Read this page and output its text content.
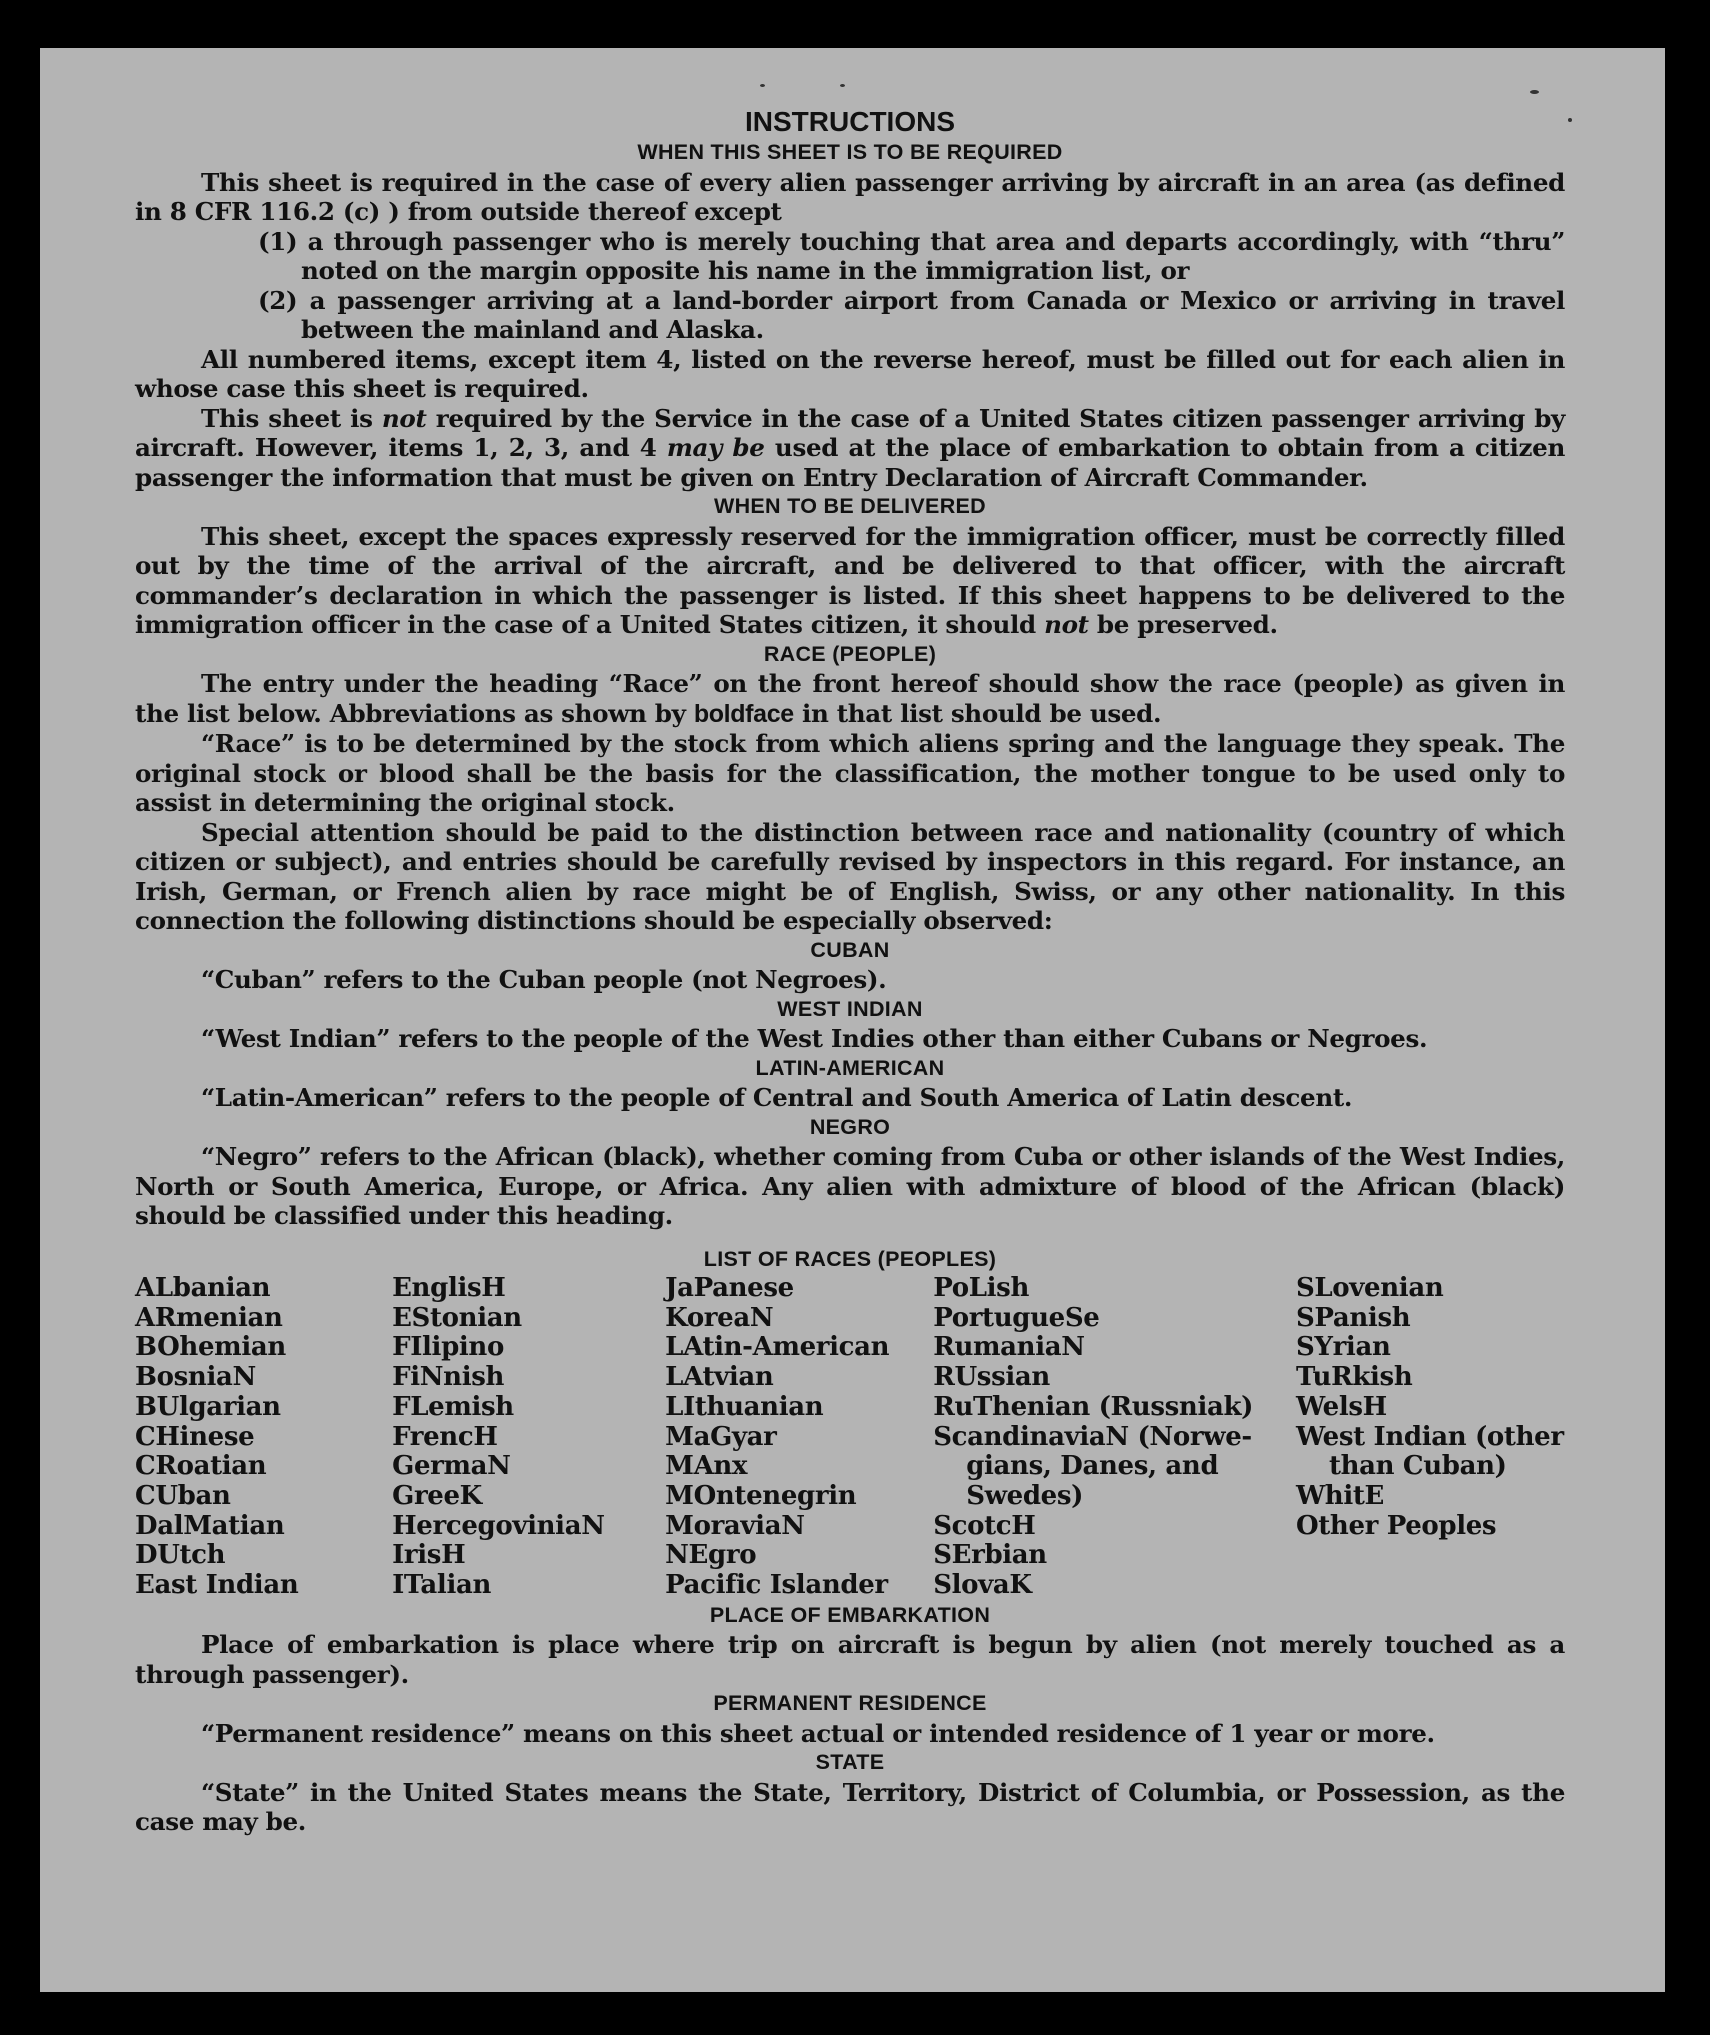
INSTRUCTIONS
WHEN THIS SHEET IS TO BE REQUIRED

This sheet is required in the case of every alien passenger arriving by aircraft in an area (as defined in 8 CFR 116.2 (c) ) from outside thereof except

(1) a through passenger who is merely touching that area and departs accordingly, with “thru” noted on the margin opposite his name in the immigration list, or
(2) a passenger arriving at a land-border airport from Canada or Mexico or arriving in travel between the mainland and Alaska.

All numbered items, except item 4, listed on the reverse hereof, must be filled out for each alien in whose case this sheet is required.

This sheet is not required by the Service in the case of a United States citizen passenger arriving by aircraft. However, items 1, 2, 3, and 4 may be used at the place of embarkation to obtain from a citizen passenger the information that must be given on Entry Declaration of Aircraft Commander.

WHEN TO BE DELIVERED

This sheet, except the spaces expressly reserved for the immigration officer, must be correctly filled out by the time of the arrival of the aircraft, and be delivered to that officer, with the aircraft commander’s declaration in which the passenger is listed. If this sheet happens to be delivered to the immigration officer in the case of a United States citizen, it should not be preserved.

RACE (PEOPLE)

The entry under the heading “Race” on the front hereof should show the race (people) as given in the list below. Abbreviations as shown by boldface in that list should be used.

“Race” is to be determined by the stock from which aliens spring and the language they speak. The original stock or blood shall be the basis for the classification, the mother tongue to be used only to assist in determining the original stock.

Special attention should be paid to the distinction between race and nationality (country of which citizen or subject), and entries should be carefully revised by inspectors in this regard. For instance, an Irish, German, or French alien by race might be of English, Swiss, or any other nationality. In this connection the following distinctions should be especially observed:

CUBAN
“Cuban” refers to the Cuban people (not Negroes).
WEST INDIAN
“West Indian” refers to the people of the West Indies other than either Cubans or Negroes.
LATIN-AMERICAN
“Latin-American” refers to the people of Central and South America of Latin descent.
NEGRO

“Negro” refers to the African (black), whether coming from Cuba or other islands of the West Indies, North or South America, Europe, or Africa. Any alien with admixture of blood of the African (black) should be classified under this heading.

LIST OF RACES (PEOPLES)
ALbanian
ARmenian
BOhemian
BosniaN
BUlgarian
CHinese
CRoatian
CUban
DalMatian
DUtch
East Indian
EnglisH
EStonian
FIlipino
FiNnish
FLemish
FrencH
GermaN
GreeK
HercegoviniaN
IrisH
ITalian
JaPanese
KoreaN
LAtin-American
LAtvian
LIthuanian
MaGyar
MAnx
MOntenegrin
MoraviaN
NEgro
Pacific Islander
PoLish
PortugueSe
RumaniaN
RUssian
RuThenian (Russniak)
ScandinaviaN (Norwe-
gians, Danes, and
Swedes)
ScotcH
SErbian
SlovaK
SLovenian
SPanish
SYrian
TuRkish
WelsH
West Indian (other
than Cuban)
WhitE
Other Peoples
PLACE OF EMBARKATION

Place of embarkation is place where trip on aircraft is begun by alien (not merely touched as a through passenger).

PERMANENT RESIDENCE
“Permanent residence” means on this sheet actual or intended residence of 1 year or more.
STATE

“State” in the United States means the State, Territory, District of Columbia, or Possession, as the case may be.
